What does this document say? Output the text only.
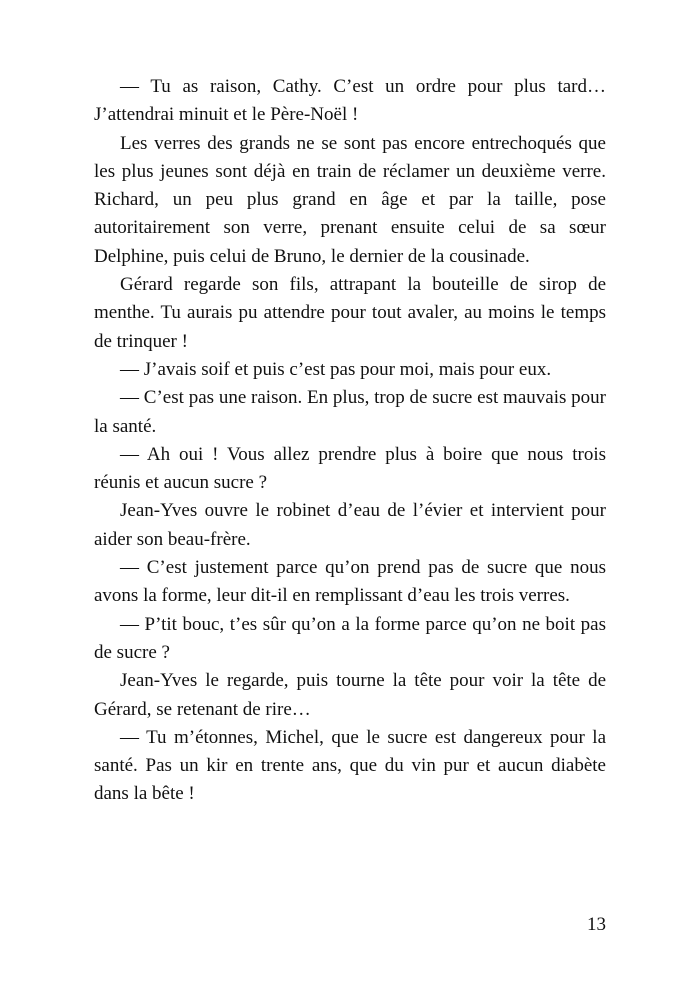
— Tu as raison, Cathy. C’est un ordre pour plus tard… J’attendrai minuit et le Père-Noël !

Les verres des grands ne se sont pas encore entrechoqués que les plus jeunes sont déjà en train de réclamer un deuxième verre. Richard, un peu plus grand en âge et par la taille, pose autoritairement son verre, prenant ensuite celui de sa sœur Delphine, puis celui de Bruno, le dernier de la cousinade.

Gérard regarde son fils, attrapant la bouteille de sirop de menthe. Tu aurais pu attendre pour tout avaler, au moins le temps de trinquer !

— J’avais soif et puis c’est pas pour moi, mais pour eux.

— C’est pas une raison. En plus, trop de sucre est mauvais pour la santé.

— Ah oui ! Vous allez prendre plus à boire que nous trois réunis et aucun sucre ?

Jean-Yves ouvre le robinet d’eau de l’évier et intervient pour aider son beau-frère.

— C’est justement parce qu’on prend pas de sucre que nous avons la forme, leur dit-il en remplissant d’eau les trois verres.

— P’tit bouc, t’es sûr qu’on a la forme parce qu’on ne boit pas de sucre ?

Jean-Yves le regarde, puis tourne la tête pour voir la tête de Gérard, se retenant de rire…

— Tu m’étonnes, Michel, que le sucre est dangereux pour la santé. Pas un kir en trente ans, que du vin pur et aucun diabète dans la bête !

13
